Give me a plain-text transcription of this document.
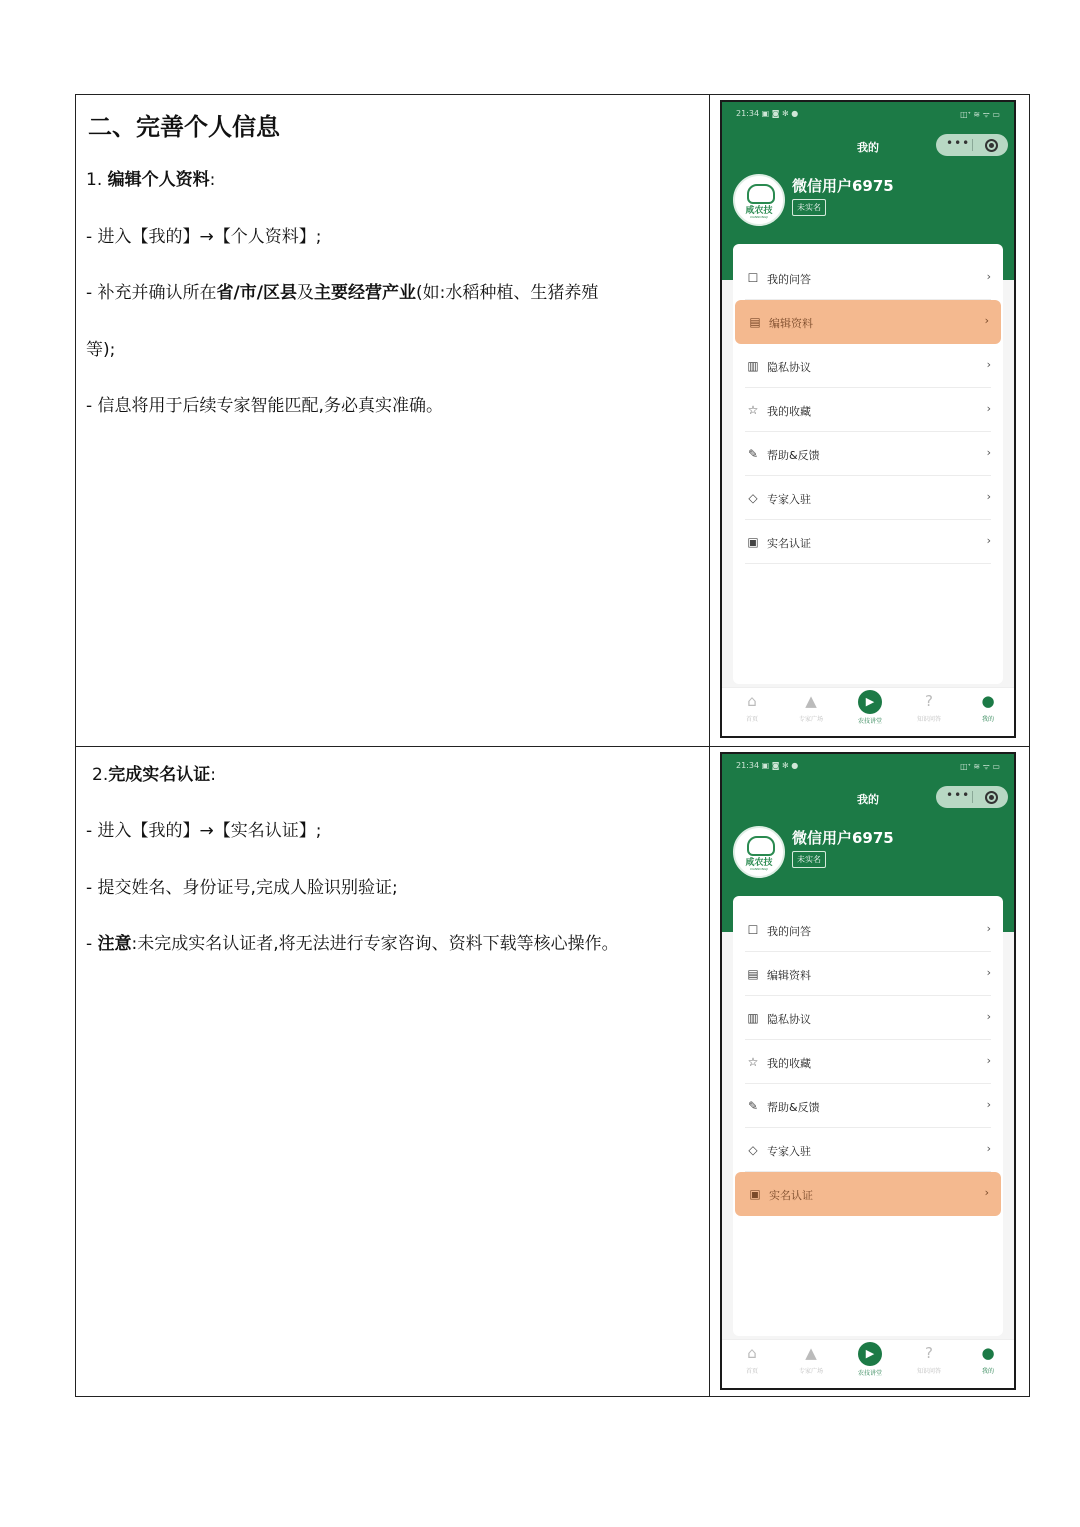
二、完善个人信息
1. 编辑个人资料:
- 进入【我的】→【个人资料】;
- 补充并确认所在省/市/区县及主要经营产业(如:水稻种植、生猪养殖
等);
- 信息将用于后续专家智能匹配,务必真实准确。
21:34 ▣ ◙ ✻ ●	◫ᐩ ≋ ᯤ ▭
我的	•••
咸农技
XIANNONGJI
微信用户6975
未实名
☐ 我的问答	›
▤ 编辑资料	›
▥ 隐私协议	›
☆ 我的收藏	›
✎ 帮助&反馈	›
◇ 专家入驻	›
▣ 实名认证	›
⌂
首页
▲
专家广场
▶
农技讲堂
?
知识问答
●
我的
2.完成实名认证:
- 进入【我的】→【实名认证】;
- 提交姓名、身份证号,完成人脸识别验证;
- 注意:未完成实名认证者,将无法进行专家咨询、资料下载等核心操作。
21:34 ▣ ◙ ✻ ●	◫ᐩ ≋ ᯤ ▭
我的	•••
咸农技
XIANNONGJI
微信用户6975
未实名
☐ 我的问答	›
▤ 编辑资料	›
▥ 隐私协议	›
☆ 我的收藏	›
✎ 帮助&反馈	›
◇ 专家入驻	›
▣ 实名认证	›
⌂
首页
▲
专家广场
▶
农技讲堂
?
知识问答
●
我的
